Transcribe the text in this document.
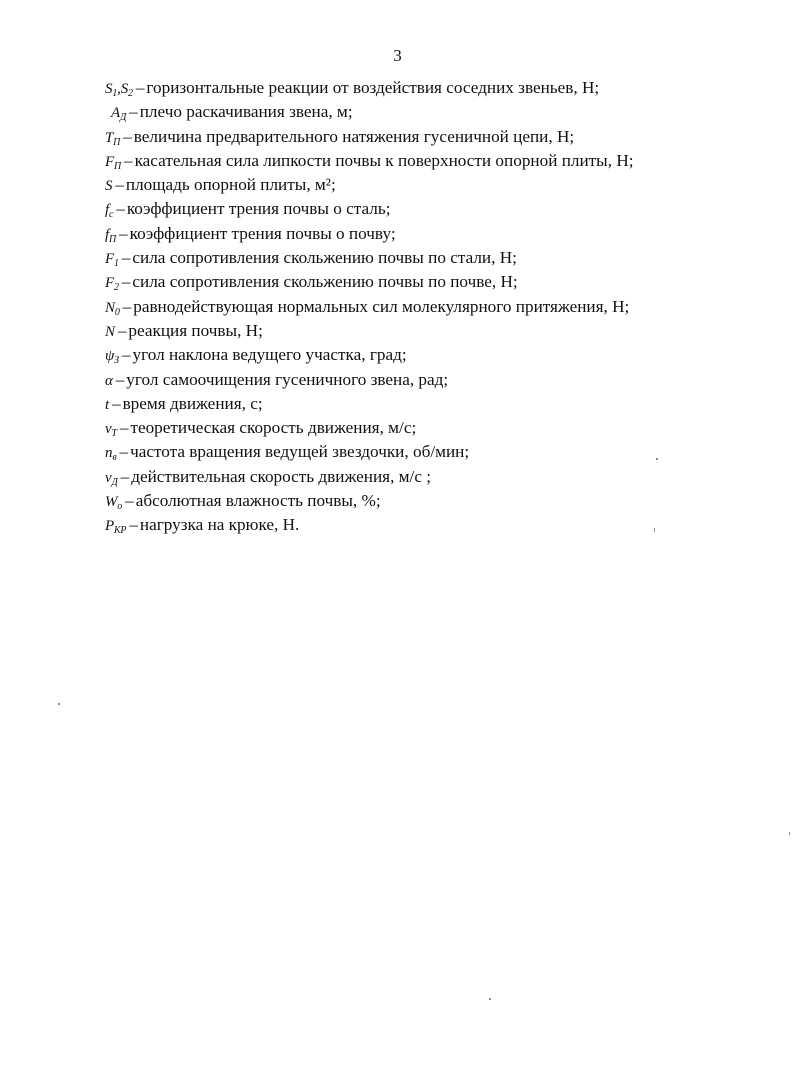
3
$S_1,S_2$ – горизонтальные реакции от воздействия соседних звеньев, Н;
$A_Д$ – плечо раскачивания звена, м;
$T_П$ – величина предварительного натяжения гусеничной цепи, Н;
$F_П$ – касательная сила липкости почвы к поверхности опорной плиты, Н;
S – площадь опорной плиты, м²;
$f_c$ – коэффициент трения почвы о сталь;
$f_П$ – коэффициент трения почвы о почву;
$F_1$ – сила сопротивления скольжению почвы по стали, Н;
$F_2$ – сила сопротивления скольжению почвы по почве, Н;
$N_0$ – равнодействующая нормальных сил молекулярного притяжения, Н;
N – реакция почвы, Н;
$\psi_З$ – угол наклона ведущего участка, град;
α – угол самоочищения гусеничного звена, рад;
t – время движения, с;
$v_T$ – теоретическая скорость движения, м/с;
$n_в$ – частота вращения ведущей звездочки, об/мин;
$v_Д$ – действительная скорость движения, м/с ;
$W_o$ – абсолютная влажность почвы, %;
$P_{КР}$ – нагрузка на крюке, Н.
